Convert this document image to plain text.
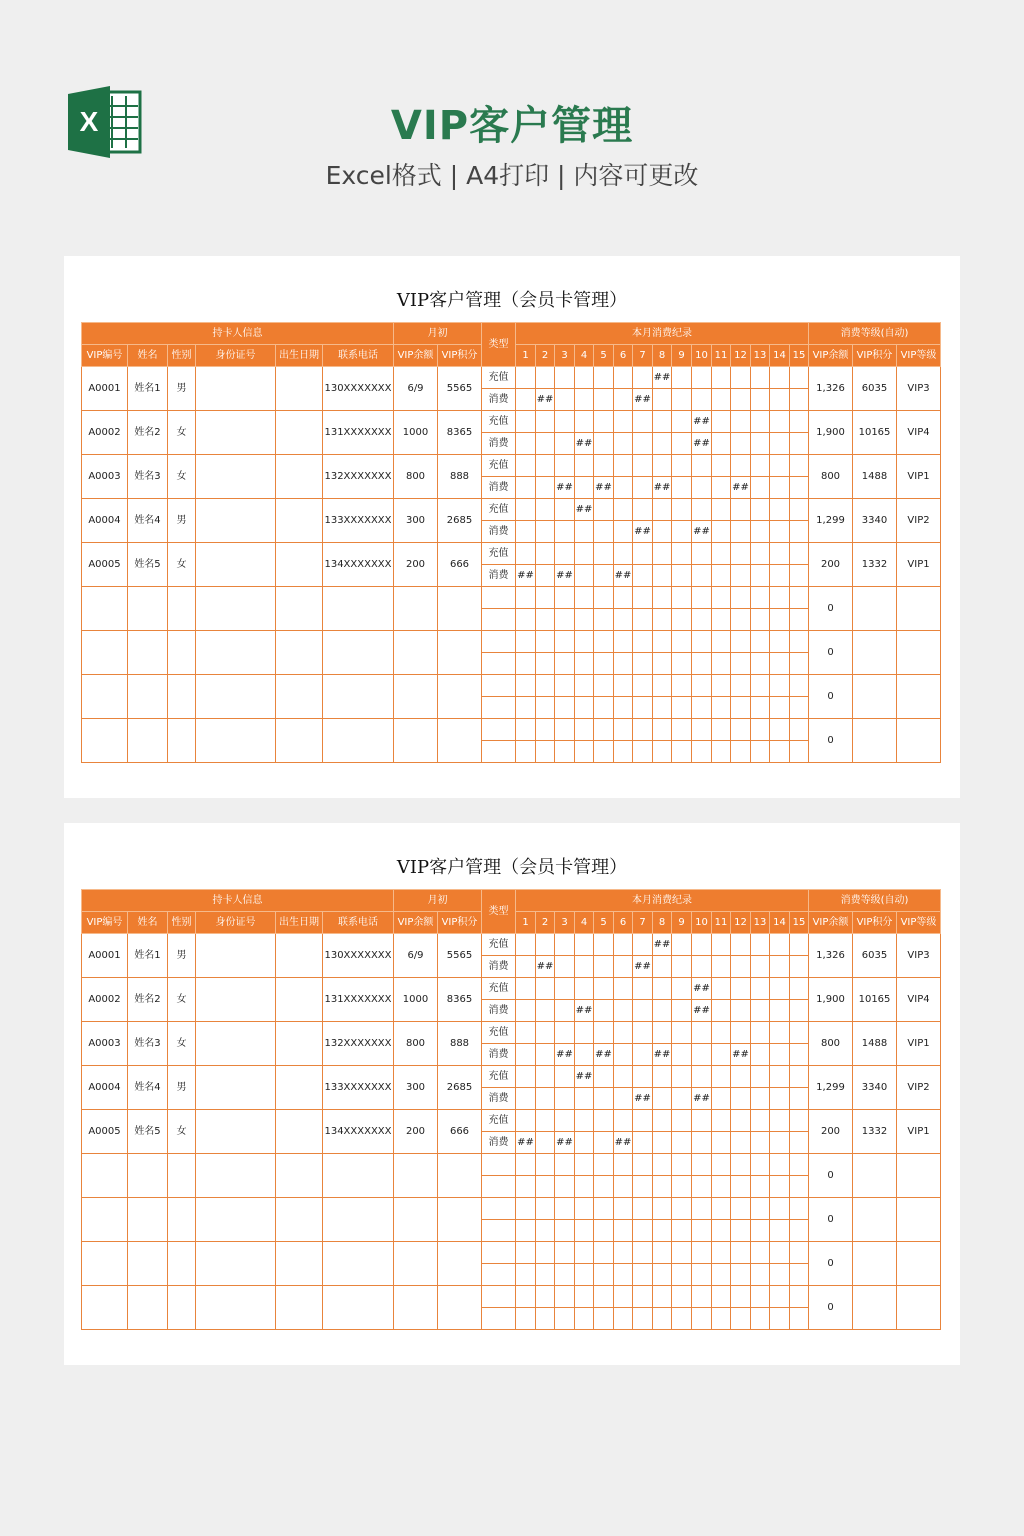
X	VIP客户管理
Excel格式 | A4打印 | 内容可更改
VIP客户管理（会员卡管理）
持卡人信息						月初		类型	本月消费纪录															消费等级(自动)		
VIP编号	姓名	性别	身份证号	出生日期	联系电话	VIP余额	VIP积分		1	2	3	4	5	6	7	8	9	10	11	12	13	14	15	VIP余额	VIP积分	VIP等级
A0001	姓名1	男			130XXXXXXX	6/9	5565	充值								##								1,326	6035	VIP3
								消费		##					##											
A0002	姓名2	女			131XXXXXXX	1000	8365	充值										##						1,900	10165	VIP4
								消费				##						##								
A0003	姓名3	女			132XXXXXXX	800	888	充值																800	1488	VIP1
								消费			##		##			##				##						
A0004	姓名4	男			133XXXXXXX	300	2685	充值				##												1,299	3340	VIP2
								消费							##			##								
A0005	姓名5	女			134XXXXXXX	200	666	充值																200	1332	VIP1
								消费	##		##			##												
																								0		

																								0		

																								0		

																								0		

VIP客户管理（会员卡管理）
持卡人信息						月初		类型	本月消费纪录															消费等级(自动)		
VIP编号	姓名	性别	身份证号	出生日期	联系电话	VIP余额	VIP积分		1	2	3	4	5	6	7	8	9	10	11	12	13	14	15	VIP余额	VIP积分	VIP等级
A0001	姓名1	男			130XXXXXXX	6/9	5565	充值								##								1,326	6035	VIP3
								消费		##					##											
A0002	姓名2	女			131XXXXXXX	1000	8365	充值										##						1,900	10165	VIP4
								消费				##						##								
A0003	姓名3	女			132XXXXXXX	800	888	充值																800	1488	VIP1
								消费			##		##			##				##						
A0004	姓名4	男			133XXXXXXX	300	2685	充值				##												1,299	3340	VIP2
								消费							##			##								
A0005	姓名5	女			134XXXXXXX	200	666	充值																200	1332	VIP1
								消费	##		##			##												
																								0		

																								0		

																								0		

																								0		
